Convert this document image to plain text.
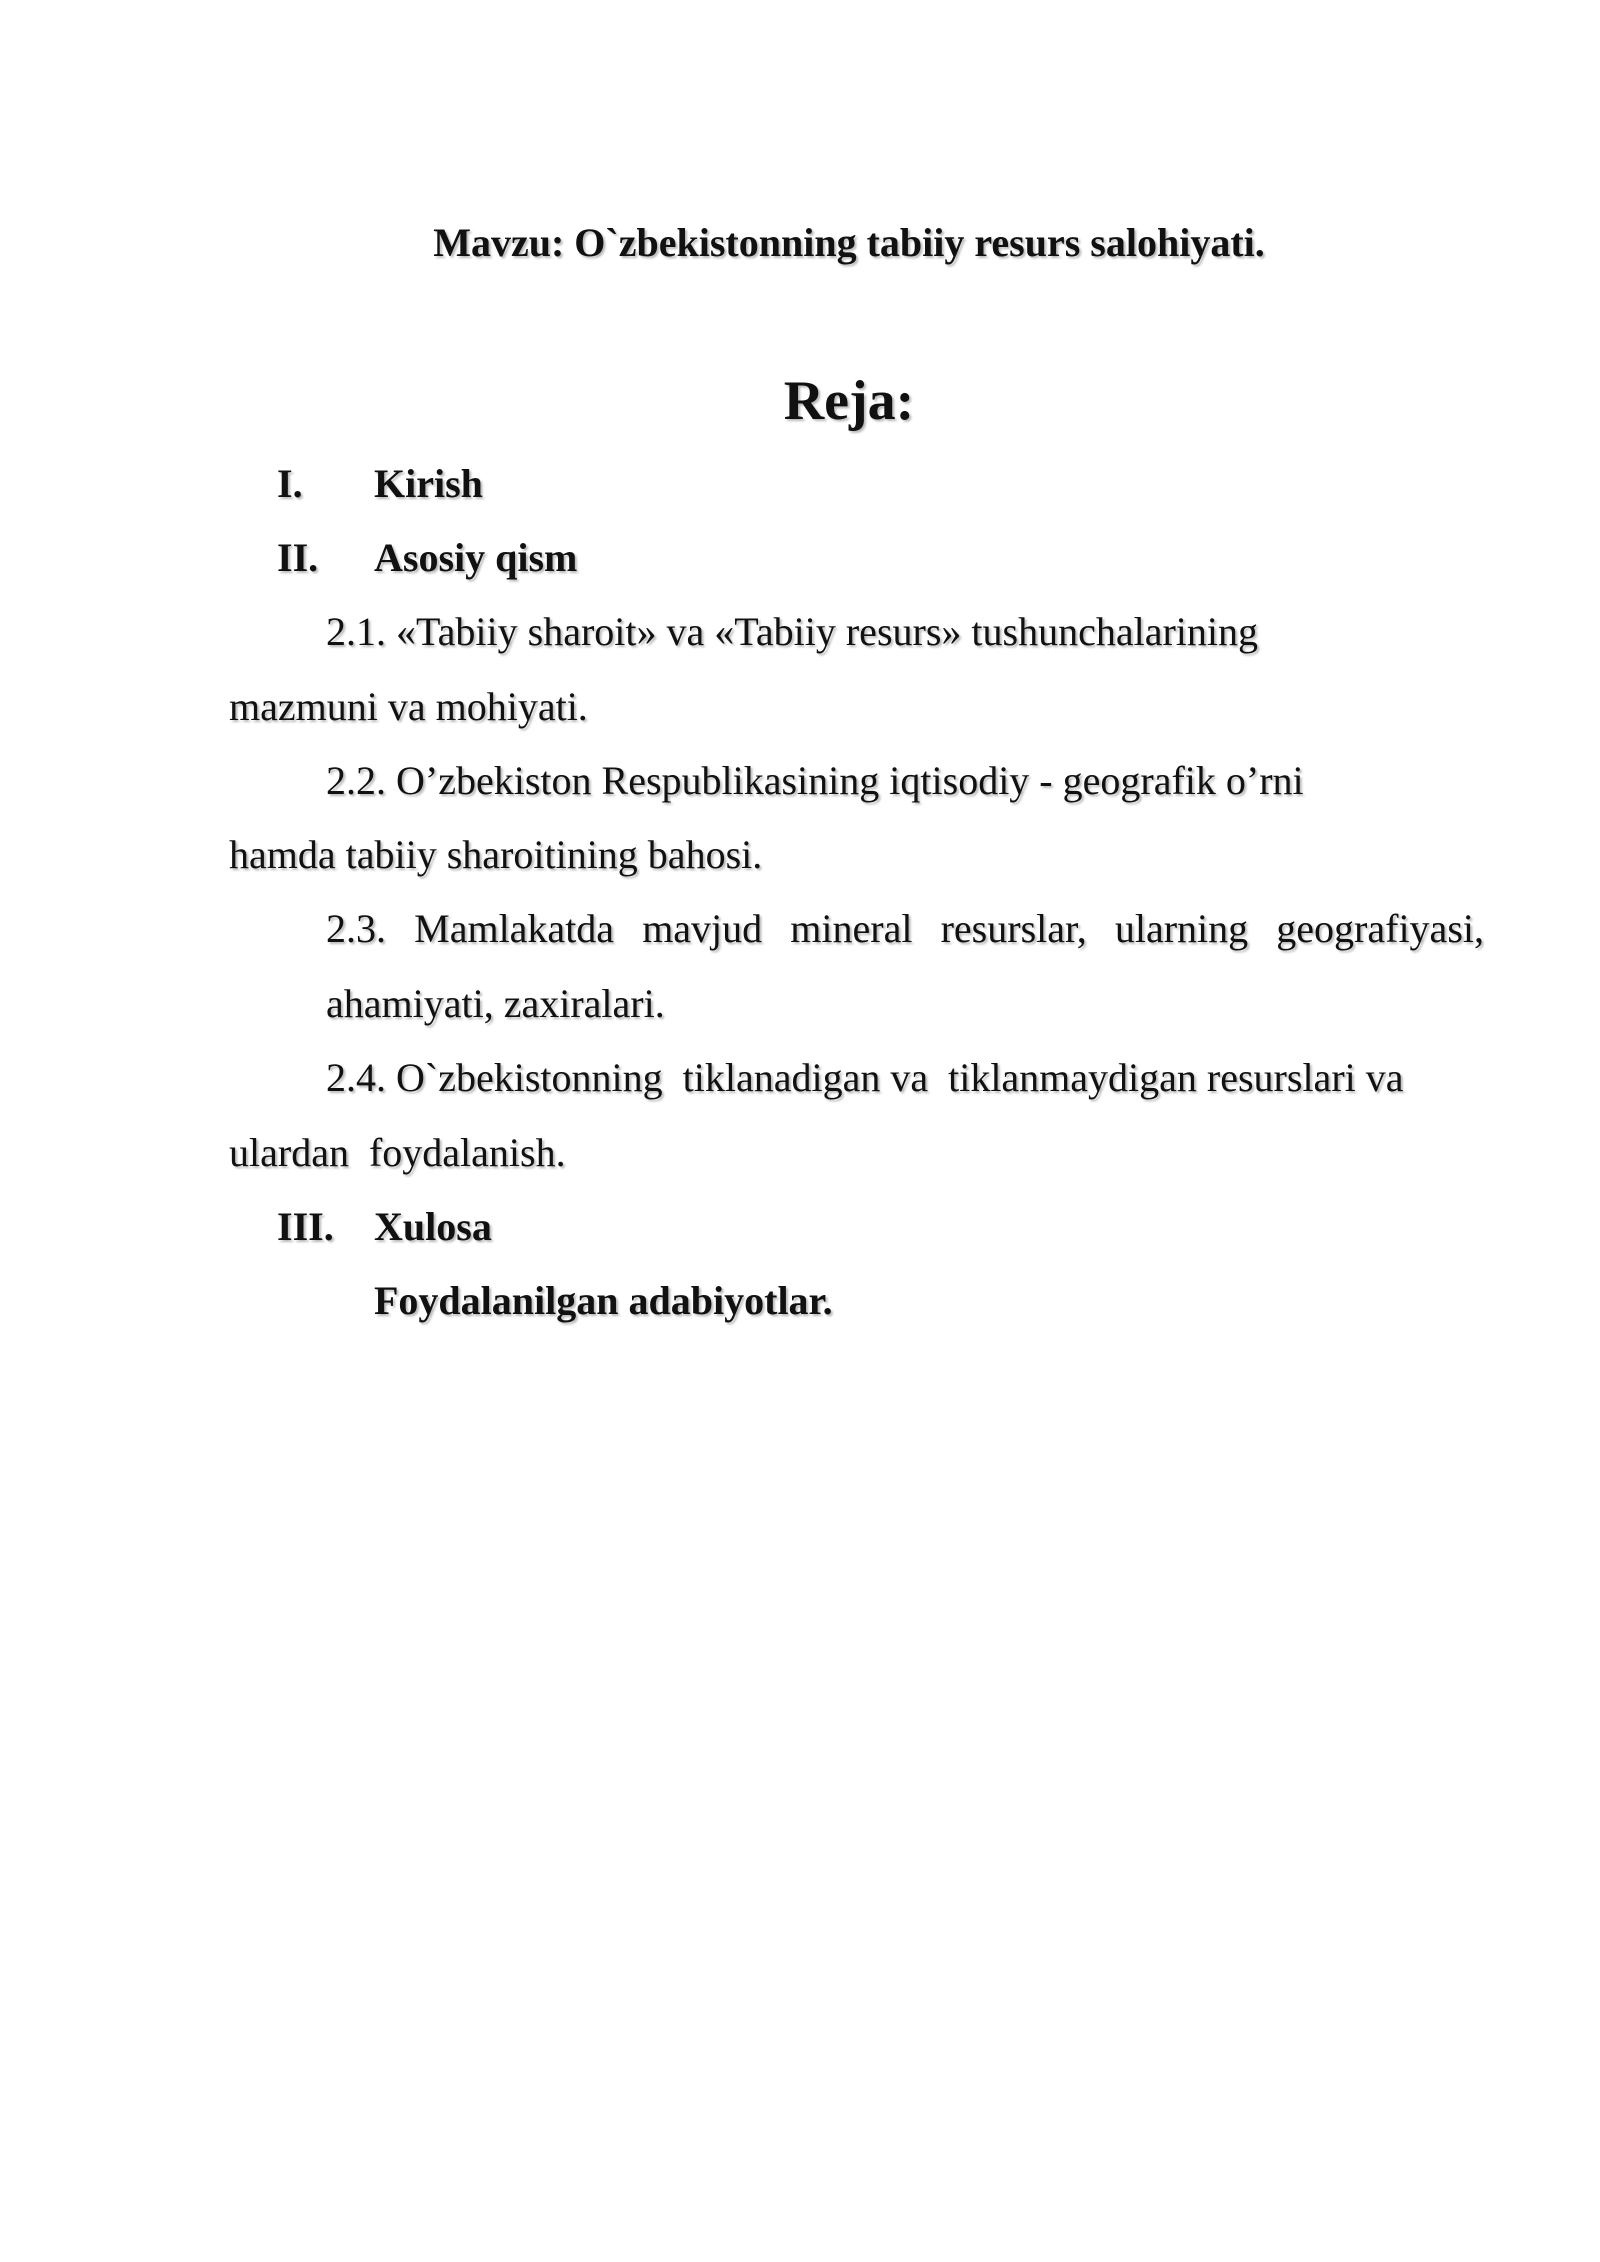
Mavzu: O`zbekistonning tabiiy resurs salohiyati.
Reja:
I. Kirish
II. Asosiy qism
2.1. «Tabiiy sharoit» va «Tabiiy resurs» tushunchalarining
mazmuni va mohiyati.
2.2. O’zbekiston Respublikasining iqtisodiy - geografik o’rni
hamda tabiiy sharoitining bahosi.
2.3. Mamlakatda mavjud mineral resurslar, ularning geografiyasi,
ahamiyati, zaxiralari.
2.4. O`zbekistonning  tiklanadigan va  tiklanmaydigan resurslari va
ulardan  foydalanish.
III. Xulosa
Foydalanilgan adabiyotlar.
